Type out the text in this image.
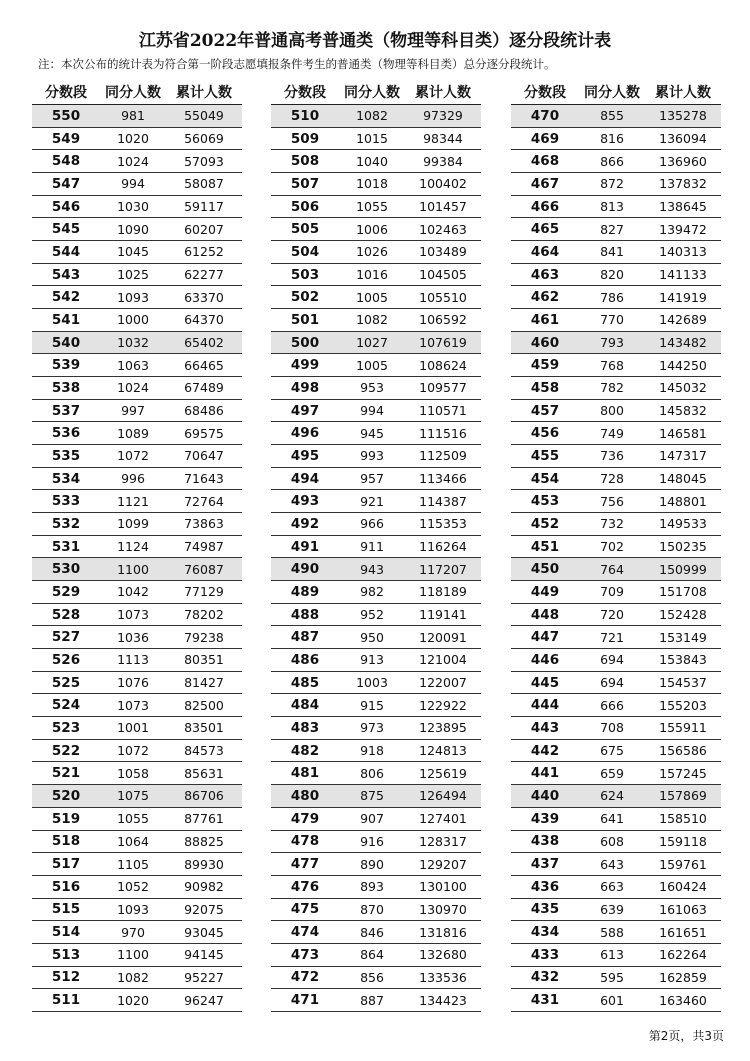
江苏省2022年普通高考普通类（物理等科目类）逐分段统计表
注：本次公布的统计表为符合第一阶段志愿填报条件考生的普通类（物理等科目类）总分逐分段统计。
分数段	同分人数	累计人数
550	981	55049
549	1020	56069
548	1024	57093
547	994	58087
546	1030	59117
545	1090	60207
544	1045	61252
543	1025	62277
542	1093	63370
541	1000	64370
540	1032	65402
539	1063	66465
538	1024	67489
537	997	68486
536	1089	69575
535	1072	70647
534	996	71643
533	1121	72764
532	1099	73863
531	1124	74987
530	1100	76087
529	1042	77129
528	1073	78202
527	1036	79238
526	1113	80351
525	1076	81427
524	1073	82500
523	1001	83501
522	1072	84573
521	1058	85631
520	1075	86706
519	1055	87761
518	1064	88825
517	1105	89930
516	1052	90982
515	1093	92075
514	970	93045
513	1100	94145
512	1082	95227
511	1020	96247
分数段	同分人数	累计人数
510	1082	97329
509	1015	98344
508	1040	99384
507	1018	100402
506	1055	101457
505	1006	102463
504	1026	103489
503	1016	104505
502	1005	105510
501	1082	106592
500	1027	107619
499	1005	108624
498	953	109577
497	994	110571
496	945	111516
495	993	112509
494	957	113466
493	921	114387
492	966	115353
491	911	116264
490	943	117207
489	982	118189
488	952	119141
487	950	120091
486	913	121004
485	1003	122007
484	915	122922
483	973	123895
482	918	124813
481	806	125619
480	875	126494
479	907	127401
478	916	128317
477	890	129207
476	893	130100
475	870	130970
474	846	131816
473	864	132680
472	856	133536
471	887	134423
分数段	同分人数	累计人数
470	855	135278
469	816	136094
468	866	136960
467	872	137832
466	813	138645
465	827	139472
464	841	140313
463	820	141133
462	786	141919
461	770	142689
460	793	143482
459	768	144250
458	782	145032
457	800	145832
456	749	146581
455	736	147317
454	728	148045
453	756	148801
452	732	149533
451	702	150235
450	764	150999
449	709	151708
448	720	152428
447	721	153149
446	694	153843
445	694	154537
444	666	155203
443	708	155911
442	675	156586
441	659	157245
440	624	157869
439	641	158510
438	608	159118
437	643	159761
436	663	160424
435	639	161063
434	588	161651
433	613	162264
432	595	162859
431	601	163460
第2页，共3页
